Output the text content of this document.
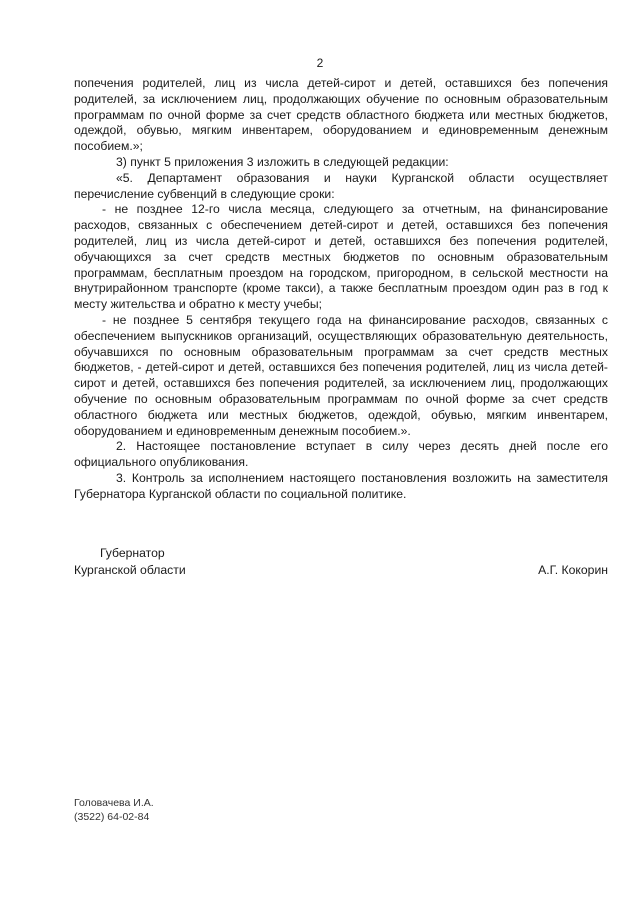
2

попечения родителей, лиц из числа детей-сирот и детей, оставшихся без попечения родителей, за исключением лиц, продолжающих обучение по основным образовательным программам по очной форме за счет средств областного бюджета или местных бюджетов, одеждой, обувью, мягким инвентарем, оборудованием и единовременным денежным пособием.»;

3) пункт 5 приложения 3 изложить в следующей редакции:

«5. Департамент образования и науки Курганской области осуществляет перечисление субвенций в следующие сроки:

- не позднее 12-го числа месяца, следующего за отчетным, на финансирование расходов, связанных с обеспечением детей-сирот и детей, оставшихся без попечения родителей, лиц из числа детей-сирот и детей, оставшихся без попечения родителей, обучающихся за счет средств местных бюджетов по основным образовательным программам, бесплатным проездом на городском, пригородном, в сельской местности на внутрирайонном транспорте (кроме такси), а также бесплатным проездом один раз в год к месту жительства и обратно к месту учебы;

- не позднее 5 сентября текущего года на финансирование расходов, связанных с обеспечением выпускников организаций, осуществляющих образовательную деятельность, обучавшихся по основным образовательным программам за счет средств местных бюджетов, - детей-сирот и детей, оставшихся без попечения родителей, лиц из числа детей-сирот и детей, оставшихся без попечения родителей, за исключением лиц, продолжающих обучение по основным образовательным программам по очной форме за счет средств областного бюджета или местных бюджетов, одеждой, обувью, мягким инвентарем, оборудованием и единовременным денежным пособием.».

2. Настоящее постановление вступает в силу через десять дней после его официального опубликования.

3. Контроль за исполнением настоящего постановления возложить на заместителя Губернатора Курганской области по социальной политике.

Губернатор
Курганской области	А.Г. Кокорин
Головачева И.А.
(3522) 64-02-84
